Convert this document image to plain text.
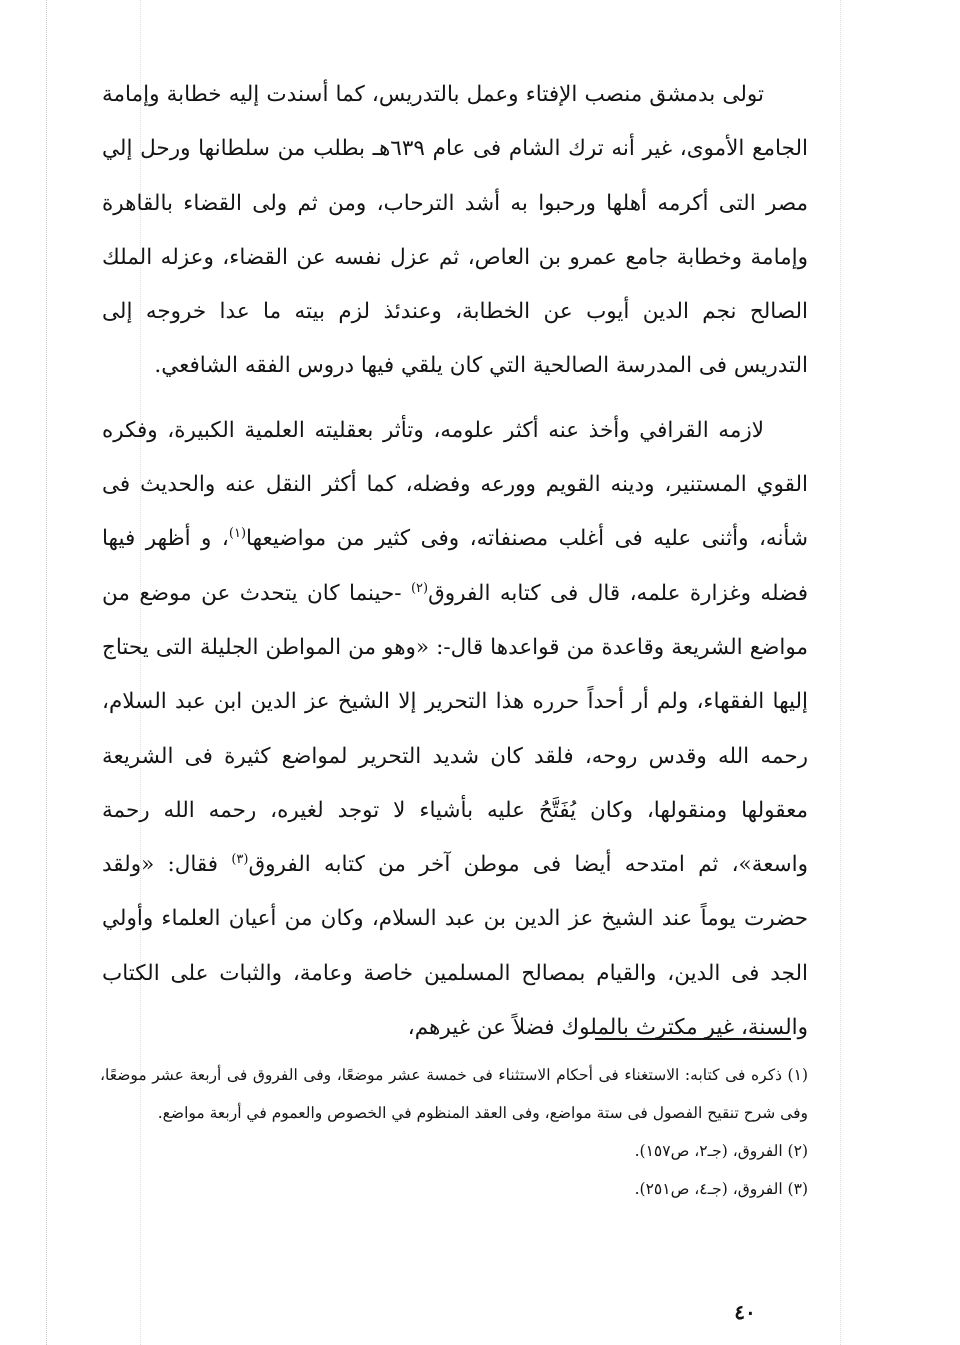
تولى بدمشق منصب الإفتاء وعمل بالتدريس، كما أسندت إليه خطابة وإمامة الجامع الأموى، غير أنه ترك الشام فى عام ٦٣٩هـ بطلب من سلطانها ورحل إلي مصر التى أكرمه أهلها ورحبوا به أشد الترحاب، ومن ثم ولى القضاء بالقاهرة وإمامة وخطابة جامع عمرو بن العاص، ثم عزل نفسه عن القضاء، وعزله الملك الصالح نجم الدين أيوب عن الخطابة، وعندئذ لزم بيته ما عدا خروجه إلى التدريس فى المدرسة الصالحية التي كان يلقي فيها دروس الفقه الشافعي.

لازمه القرافي وأخذ عنه أكثر علومه، وتأثر بعقليته العلمية الكبيرة، وفكره القوي المستنير، ودينه القويم وورعه وفضله، كما أكثر النقل عنه والحديث فى شأنه، وأثنى عليه فى أغلب مصنفاته، وفى كثير من مواضيعها$^{(١)}$، و أظهر فيها فضله وغزارة علمه، قال فى كتابه الفروق$^{(٢)}$ -حينما كان يتحدث عن موضع من مواضع الشريعة وقاعدة من قواعدها قال-: «وهو من المواطن الجليلة التى يحتاج إليها الفقهاء، ولم أر أحداً حرره هذا التحرير إلا الشيخ عز الدين ابن عبد السلام، رحمه الله وقدس روحه، فلقد كان شديد التحرير لمواضع كثيرة فى الشريعة معقولها ومنقولها، وكان يُفَتَّحُ عليه بأشياء لا توجد لغيره، رحمه الله رحمة واسعة»، ثم امتدحه أيضا فى موطن آخر من كتابه الفروق$^{(٣)}$ فقال: «ولقد حضرت يوماً عند الشيخ عز الدين بن عبد السلام، وكان من أعيان العلماء وأولي الجد فى الدين، والقيام بمصالح المسلمين خاصة وعامة، والثبات على الكتاب والسنة، غير مكترث بالملوك فضلاً عن غيرهم،

(١) ذكره فى كتابه: الاستغناء فى أحكام الاستثناء فى خمسة عشر موضعًا، وفى الفروق فى أربعة عشر موضعًا، وفى شرح تنقيح الفصول فى ستة مواضع، وفى العقد المنظوم في الخصوص والعموم في أربعة مواضع.

(٢) الفروق، (جـ٢، ص١٥٧).

(٣) الفروق، (جـ٤، ص٢٥١).

٤٠
